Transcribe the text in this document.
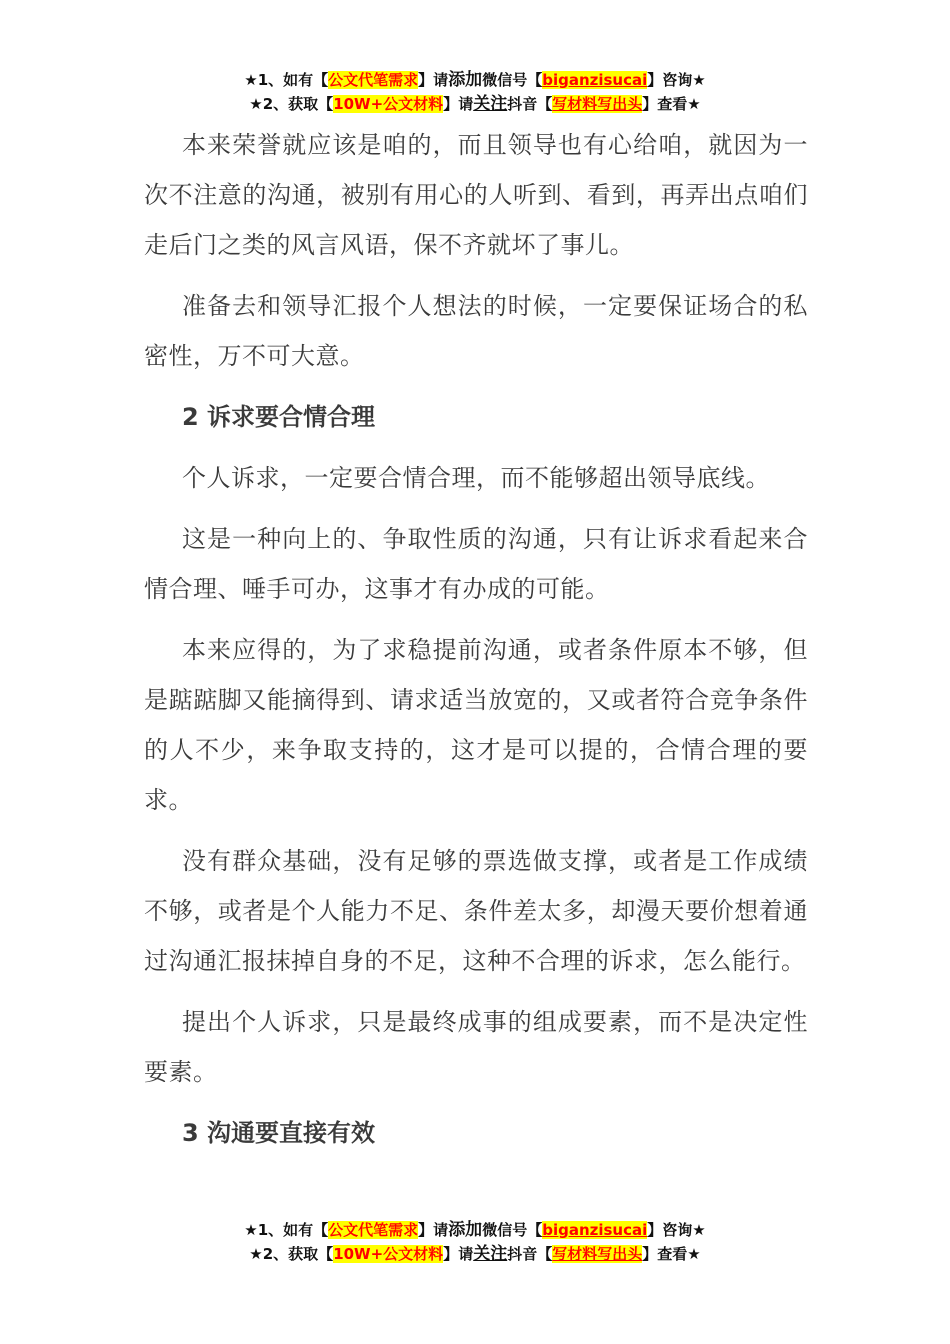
★1、如有【公文代笔需求】请添加微信号【biganzisucai】咨询★
★2、获取【10W+公文材料】请关注抖音【写材料写出头】查看★

本来荣誉就应该是咱的，而且领导也有心给咱，就因为一次不注意的沟通，被别有用心的人听到、看到，再弄出点咱们走后门之类的风言风语，保不齐就坏了事儿。

准备去和领导汇报个人想法的时候，一定要保证场合的私密性，万不可大意。

2 诉求要合情合理

个人诉求，一定要合情合理，而不能够超出领导底线。

这是一种向上的、争取性质的沟通，只有让诉求看起来合情合理、唾手可办，这事才有办成的可能。

本来应得的，为了求稳提前沟通，或者条件原本不够，但是踮踮脚又能摘得到、请求适当放宽的，又或者符合竞争条件的人不少，来争取支持的，这才是可以提的，合情合理的要求。

没有群众基础，没有足够的票选做支撑，或者是工作成绩不够，或者是个人能力不足、条件差太多，却漫天要价想着通过沟通汇报抹掉自身的不足，这种不合理的诉求，怎么能行。

提出个人诉求，只是最终成事的组成要素，而不是决定性要素。

3 沟通要直接有效

★1、如有【公文代笔需求】请添加微信号【biganzisucai】咨询★
★2、获取【10W+公文材料】请关注抖音【写材料写出头】查看★
